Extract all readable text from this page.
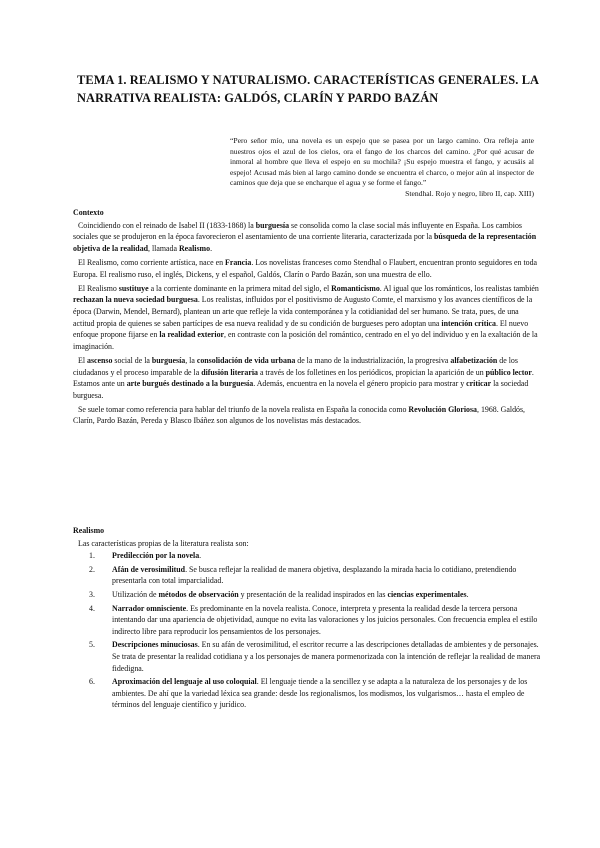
TEMA 1. REALISMO Y NATURALISMO. CARACTERÍSTICAS GENERALES. LA NARRATIVA REALISTA: GALDÓS, CLARÍN Y PARDO BAZÁN
“Pero señor mío, una novela es un espejo que se pasea por un largo camino. Ora refleja ante nuestros ojos el azul de los cielos, ora el fango de los charcos del camino. ¿Por qué acusar de inmoral al hombre que lleva el espejo en su mochila? ¡Su espejo muestra el fango, y acusáis al espejo! Acusad más bien al largo camino donde se encuentra el charco, o mejor aún al inspector de caminos que deja que se encharque el agua y se forme el fango.”
Stendhal. Rojo y negro, libro II, cap. XIII)
Contexto

Coincidiendo con el reinado de Isabel II (1833-1868) la burguesía se consolida como la clase social más influyente en España. Los cambios sociales que se produjeron en la época favorecieron el asentamiento de una corriente literaria, caracterizada por la búsqueda de la representación objetiva de la realidad, llamada Realismo.

El Realismo, como corriente artística, nace en Francia. Los novelistas franceses como Stendhal o Flaubert, encuentran pronto seguidores en toda Europa. El realismo ruso, el inglés, Dickens, y el español, Galdós, Clarín o Pardo Bazán, son una muestra de ello.

El Realismo sustituye a la corriente dominante en la primera mitad del siglo, el Romanticismo. Al igual que los románticos, los realistas también rechazan la nueva sociedad burguesa. Los realistas, influidos por el positivismo de Augusto Comte, el marxismo y los avances científicos de la época (Darwin, Mendel, Bernard), plantean un arte que refleje la vida contemporánea y la cotidianidad del ser humano. Se trata, pues, de una actitud propia de quienes se saben partícipes de esa nueva realidad y de su condición de burgueses pero adoptan una intención crítica. El nuevo enfoque propone fijarse en la realidad exterior, en contraste con la posición del romántico, centrado en el yo del individuo y en la exaltación de la imaginación.

El ascenso social de la burguesía, la consolidación de vida urbana de la mano de la industrialización, la progresiva alfabetización de los ciudadanos y el proceso imparable de la difusión literaria a través de los folletines en los periódicos, propician la aparición de un público lector. Estamos ante un arte burgués destinado a la burguesía. Además, encuentra en la novela el género propicio para mostrar y criticar la sociedad burguesa.

Se suele tomar como referencia para hablar del triunfo de la novela realista en España la conocida como Revolución Gloriosa, 1968. Galdós, Clarín, Pardo Bazán, Pereda y Blasco Ibáñez son algunos de los novelistas más destacados.

Realismo
Las características propias de la literatura realista son:
1. Predilección por la novela.
2. Afán de verosimilitud. Se busca reflejar la realidad de manera objetiva, desplazando la mirada hacia lo cotidiano, pretendiendo presentarla con total imparcialidad.
3. Utilización de métodos de observación y presentación de la realidad inspirados en las ciencias experimentales.
4. Narrador omnisciente. Es predominante en la novela realista. Conoce, interpreta y presenta la realidad desde la tercera persona intentando dar una apariencia de objetividad, aunque no evita las valoraciones y los juicios personales. Con frecuencia emplea el estilo indirecto libre para reproducir los pensamientos de los personajes.
5. Descripciones minuciosas. En su afán de verosimilitud, el escritor recurre a las descripciones detalladas de ambientes y de personajes. Se trata de presentar la realidad cotidiana y a los personajes de manera pormenorizada con la intención de reflejar la realidad de manera fidedigna.
6. Aproximación del lenguaje al uso coloquial. El lenguaje tiende a la sencillez y se adapta a la naturaleza de los personajes y de los ambientes. De ahí que la variedad léxica sea grande: desde los regionalismos, los modismos, los vulgarismos… hasta el empleo de términos del lenguaje científico y jurídico.
